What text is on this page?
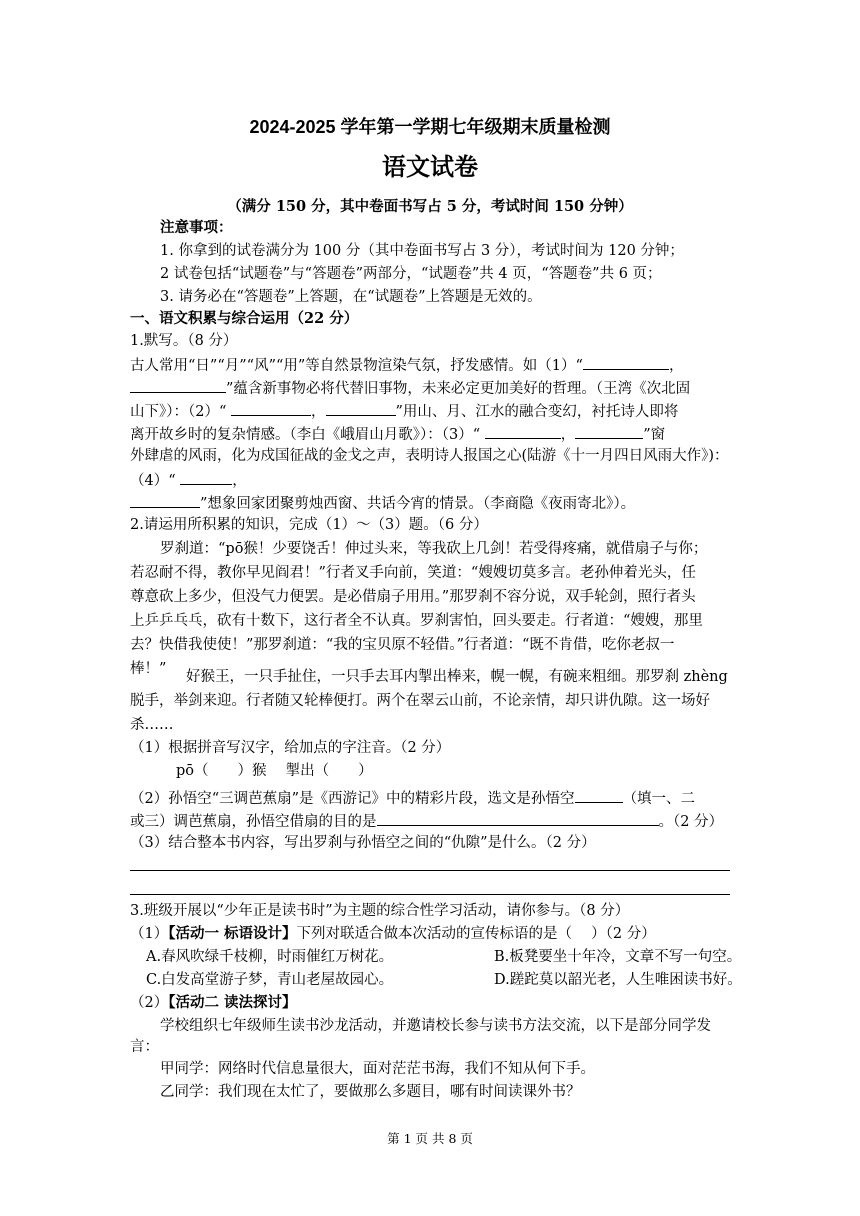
2024-2025 学年第一学期七年级期末质量检测
语文试卷
（满分 150 分，其中卷面书写占 5 分，考试时间 150 分钟）
注意事项：
1. 你拿到的试卷满分为 100 分（其中卷面书写占 3 分），考试时间为 120 分钟；
2 试卷包括“试题卷”与“答题卷”两部分，“试题卷”共 4 页，“答题卷”共 6 页；
3. 请务必在“答题卷”上答题，在“试题卷”上答题是无效的。
一、语文积累与综合运用（22 分）
1.默写。（8 分）
古人常用“日”“月”“风”“用”等自然景物渲染气氛，抒发感情。如（1）“	，
”蕴含新事物必将代替旧事物，未来必定更加美好的哲理。（王湾《次北固
山下》）：（2）“	，	”用山、月、江水的融合变幻，衬托诗人即将
离开故乡时的复杂情感。（李白《峨眉山月歌》）：（3）“	，	”窗
外肆虐的风雨，化为戍国征战的金戈之声，表明诗人报国之心(陆游《十一月四日风雨大作》)：
（4）“	，
”想象回家团聚剪烛西窗、共话今宵的情景。（李商隐《夜雨寄北》）。
2.请运用所积累的知识，完成（1）～（3）题。（6 分）
罗刹道：“pō猴！少要饶舌！伸过头来，等我砍上几剑！若受得疼痛，就借扇子与你；
若忍耐不得，教你早见阎君！”行者叉手向前，笑道：“嫂嫂切莫多言。老孙伸着光头，任
尊意砍上多少，但没气力便罢。是必借扇子用用。”那罗刹不容分说，双手轮剑，照行者头
上乒乒乓乓，砍有十数下，这行者全不认真。罗刹害怕，回头要走。行者道：“嫂嫂，那里
去？快借我使使！”那罗刹道：“我的宝贝原不轻借。”行者道：“既不肯借，吃你老叔一
棒！”	好猴王，一只手扯住，一只手去耳内掣出棒来，幌一幌，有碗来粗细。那罗刹 zhèng
脱手，举剑来迎。行者随又轮棒便打。两个在翠云山前，不论亲情，却只讲仇隙。这一场好
杀……
（1）根据拼音写汉字，给加点的字注音。（2 分）
pō（　　）猴　 掣出（　　）
（2）孙悟空“三调芭蕉扇”是《西游记》中的精彩片段，选文是孙悟空	（填一、二
或三）调芭蕉扇，孙悟空借扇的目的是	。（2 分）
（3）结合整本书内容，写出罗刹与孙悟空之间的“仇隙”是什么。（2 分）
3.班级开展以“少年正是读书时”为主题的综合性学习活动，请你参与。（8 分）
（1）【活动一 标语设计】下列对联适合做本次活动的宣传标语的是（　 ）（2 分）
A.春风吹绿千枝柳，时雨催红万树花。	B.板凳要坐十年冷，文章不写一句空。
C.白发高堂游子梦，青山老屋故园心。	D.蹉跎莫以韶光老，人生唯困读书好。
（2）【活动二 读法探讨】
学校组织七年级师生读书沙龙活动，并邀请校长参与读书方法交流，以下是部分同学发
言：
甲同学：网络时代信息量很大，面对茫茫书海，我们不知从何下手。
乙同学：我们现在太忙了，要做那么多题目，哪有时间读课外书？
第 1 页 共 8 页
